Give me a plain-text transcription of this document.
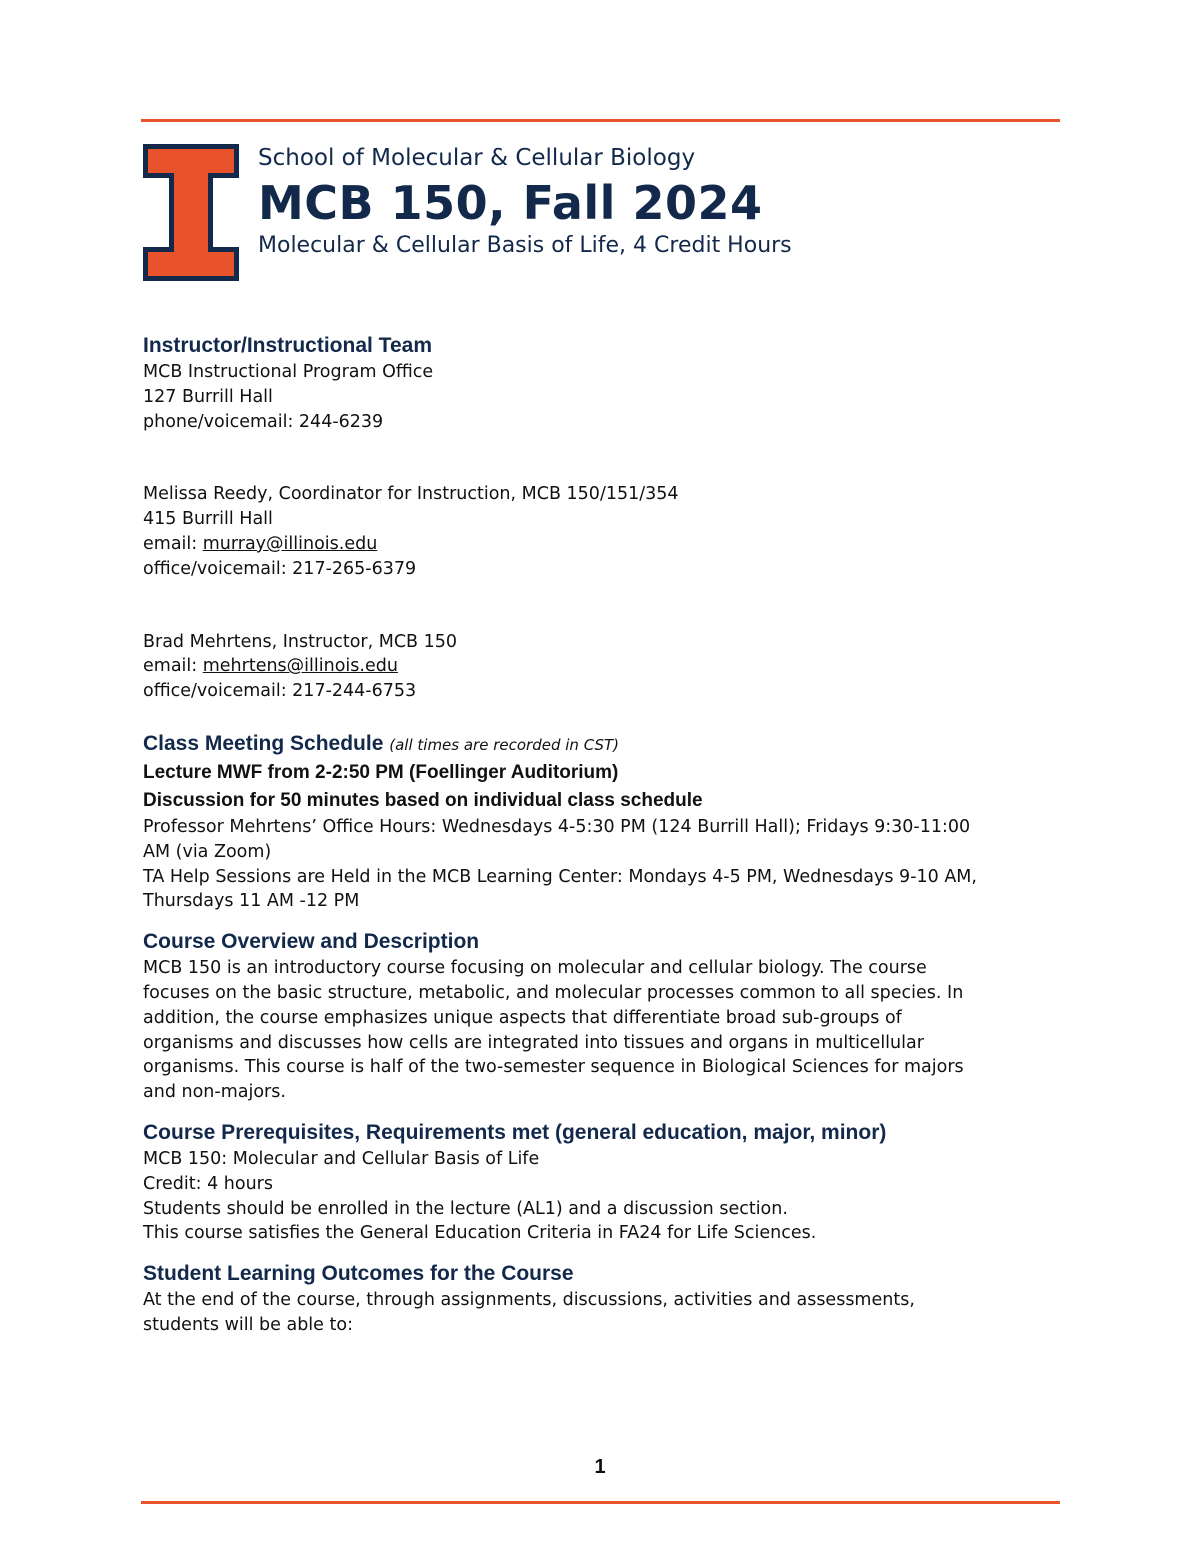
School of Molecular & Cellular Biology
MCB 150, Fall 2024
Molecular & Cellular Basis of Life, 4 Credit Hours
Instructor/Instructional Team
MCB Instructional Program Office
127 Burrill Hall
phone/voicemail: 244-6239
Melissa Reedy, Coordinator for Instruction, MCB 150/151/354
415 Burrill Hall
email: murray@illinois.edu
office/voicemail: 217-265-6379
Brad Mehrtens, Instructor, MCB 150
email: mehrtens@illinois.edu
office/voicemail: 217-244-6753
Class Meeting Schedule (all times are recorded in CST)
Lecture MWF from 2-2:50 PM (Foellinger Auditorium)
Discussion for 50 minutes based on individual class schedule
Professor Mehrtens’ Office Hours: Wednesdays 4-5:30 PM (124 Burrill Hall); Fridays 9:30-11:00
AM (via Zoom)
TA Help Sessions are Held in the MCB Learning Center: Mondays 4-5 PM, Wednesdays 9-10 AM,
Thursdays 11 AM -12 PM
Course Overview and Description
MCB 150 is an introductory course focusing on molecular and cellular biology. The course
focuses on the basic structure, metabolic, and molecular processes common to all species. In
addition, the course emphasizes unique aspects that differentiate broad sub-groups of
organisms and discusses how cells are integrated into tissues and organs in multicellular
organisms. This course is half of the two-semester sequence in Biological Sciences for majors
and non-majors.
Course Prerequisites, Requirements met (general education, major, minor)
MCB 150: Molecular and Cellular Basis of Life
Credit: 4 hours
Students should be enrolled in the lecture (AL1) and a discussion section.
This course satisfies the General Education Criteria in FA24 for Life Sciences.
Student Learning Outcomes for the Course
At the end of the course, through assignments, discussions, activities and assessments,
students will be able to:
1
